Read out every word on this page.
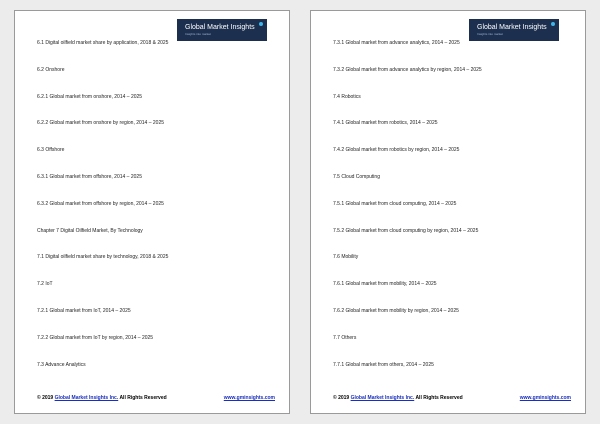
Global Market Insights
Insights into market
6.1 Digital oilfield market share by application, 2018 & 2025
6.2 Onshore
6.2.1 Global market from onshore, 2014 – 2025
6.2.2 Global market from onshore by region, 2014 – 2025
6.3 Offshore
6.3.1 Global market from offshore, 2014 – 2025
6.3.2 Global market from offshore by region, 2014 – 2025
Chapter 7 Digital Oilfield Market, By Technology
7.1 Digital oilfield market share by technology, 2018 & 2025
7.2 IoT
7.2.1 Global market from IoT, 2014 – 2025
7.2.2 Global market from IoT by region, 2014 – 2025
7.3 Advance Analytics
© 2019 Global Market Insights Inc. All Rights Reserved	www.gminsights.com
Global Market Insights
Insights into market
7.3.1 Global market from advance analytics, 2014 – 2025
7.3.2 Global market from advance analytics by region, 2014 – 2025
7.4 Robotics
7.4.1 Global market from robotics, 2014 – 2025
7.4.2 Global market from robotics by region, 2014 – 2025
7.5 Cloud Computing
7.5.1 Global market from cloud computing, 2014 – 2025
7.5.2 Global market from cloud computing by region, 2014 – 2025
7.6 Mobility
7.6.1 Global market from mobility, 2014 – 2025
7.6.2 Global market from mobility by region, 2014 – 2025
7.7 Others
7.7.1 Global market from others, 2014 – 2025
© 2019 Global Market Insights Inc. All Rights Reserved	www.gminsights.com
